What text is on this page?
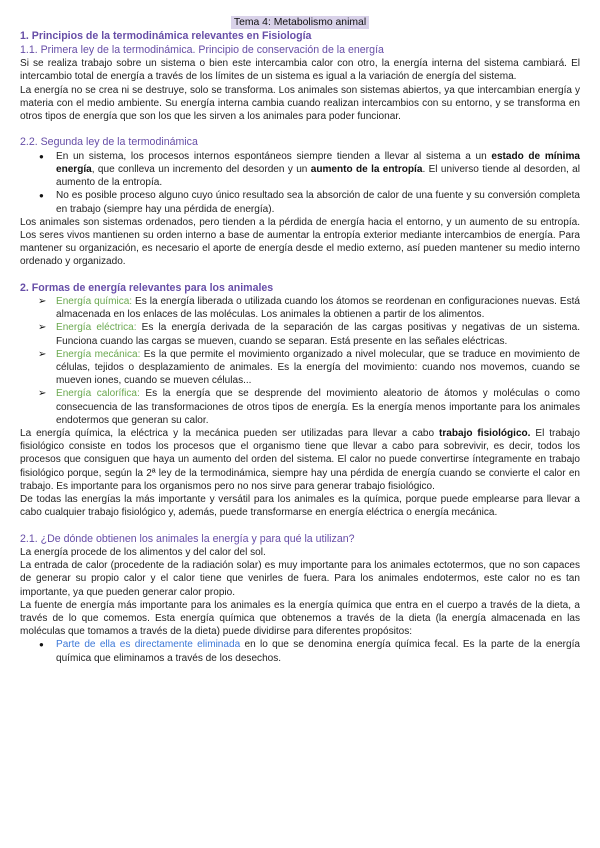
Tema 4: Metabolismo animal
1. Principios de la termodinámica relevantes en Fisiología
1.1. Primera ley de la termodinámica. Principio de conservación de la energía

Si se realiza trabajo sobre un sistema o bien este intercambia calor con otro, la energía interna del sistema cambiará. El intercambio total de energía a través de los límites de un sistema es igual a la variación de energía del sistema.

La energía no se crea ni se destruye, solo se transforma. Los animales son sistemas abiertos, ya que intercambian energía y materia con el medio ambiente. Su energía interna cambia cuando realizan intercambios con su entorno, y se transforma en otros tipos de energía que son los que les sirven a los animales para poder funcionar.

2.2. Segunda ley de la termodinámica
● En un sistema, los procesos internos espontáneos siempre tienden a llevar al sistema a un estado de mínima energía, que conlleva un incremento del desorden y un aumento de la entropía. El universo tiende al desorden, al aumento de la entropía.
● No es posible proceso alguno cuyo único resultado sea la absorción de calor de una fuente y su conversión completa en trabajo (siempre hay una pérdida de energía).

Los animales son sistemas ordenados, pero tienden a la pérdida de energía hacia el entorno, y un aumento de su entropía. Los seres vivos mantienen su orden interno a base de aumentar la entropía exterior mediante intercambios de energía. Para mantener su organización, es necesario el aporte de energía desde el medio externo, así pueden mantener su medio interno ordenado y organizado.

2. Formas de energía relevantes para los animales
➢ Energía química: Es la energía liberada o utilizada cuando los átomos se reordenan en configuraciones nuevas. Está almacenada en los enlaces de las moléculas. Los animales la obtienen a partir de los alimentos.
➢ Energía eléctrica: Es la energía derivada de la separación de las cargas positivas y negativas de un sistema. Funciona cuando las cargas se mueven, cuando se separan. Está presente en las señales eléctricas.
➢ Energía mecánica: Es la que permite el movimiento organizado a nivel molecular, que se traduce en movimiento de células, tejidos o desplazamiento de animales. Es la energía del movimiento: cuando nos movemos, cuando se mueven iones, cuando se mueven células...
➢ Energía calorífica: Es la energía que se desprende del movimiento aleatorio de átomos y moléculas o como consecuencia de las transformaciones de otros tipos de energía. Es la energía menos importante para los animales endotermos que generan su calor.

La energía química, la eléctrica y la mecánica pueden ser utilizadas para llevar a cabo trabajo fisiológico. El trabajo fisiológico consiste en todos los procesos que el organismo tiene que llevar a cabo para sobrevivir, es decir, todos los procesos que consiguen que haya un aumento del orden del sistema. El calor no puede convertirse íntegramente en trabajo fisiológico porque, según la 2ª ley de la termodinámica, siempre hay una pérdida de energía cuando se convierte el calor en trabajo. Es importante para los organismos pero no nos sirve para generar trabajo fisiológico.

De todas las energías la más importante y versátil para los animales es la química, porque puede emplearse para llevar a cabo cualquier trabajo fisiológico y, además, puede transformarse en energía eléctrica o energía mecánica.

2.1. ¿De dónde obtienen los animales la energía y para qué la utilizan?

La energía procede de los alimentos y del calor del sol.

La entrada de calor (procedente de la radiación solar) es muy importante para los animales ectotermos, que no son capaces de generar su propio calor y el calor tiene que venirles de fuera. Para los animales endotermos, este calor no es tan importante, ya que pueden generar calor propio.

La fuente de energía más importante para los animales es la energía química que entra en el cuerpo a través de la dieta, a través de lo que comemos. Esta energía química que obtenemos a través de la dieta (la energía almacenada en las moléculas que tomamos a través de la dieta) puede dividirse para diferentes propósitos:

● Parte de ella es directamente eliminada en lo que se denomina energía química fecal. Es la parte de la energía química que eliminamos a través de los desechos.
